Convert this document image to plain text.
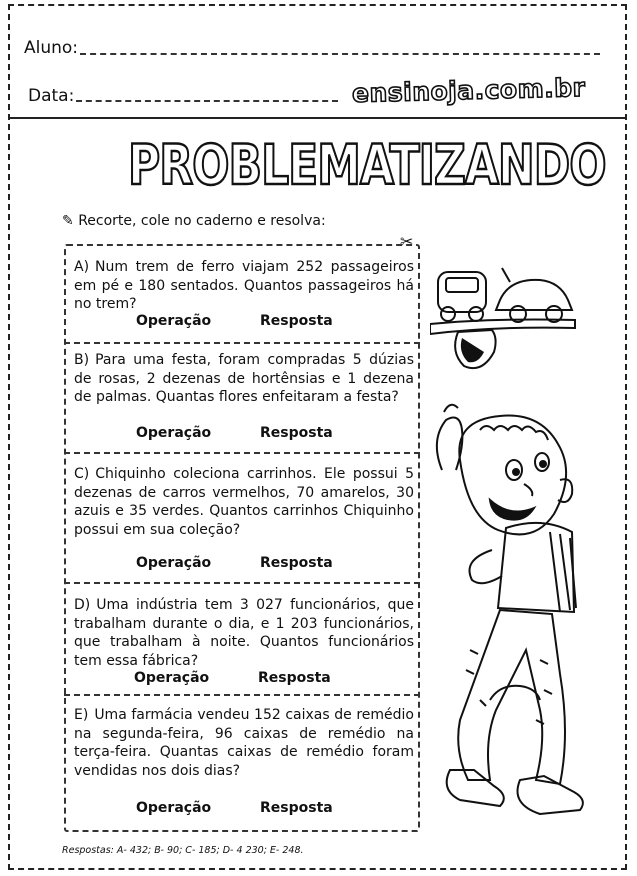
Aluno:
Data:	ensinoja.com.br
PROBLEMATIZANDO
✎ Recorte, cole no caderno e resolva:
✂
A) Num trem de ferro viajam 252 passageiros em pé e 180 sentados. Quantos passageiros há no trem?
Operação	Resposta
B) Para uma festa, foram compradas 5 dúzias de rosas, 2 dezenas de hortênsias e 1 dezena de palmas. Quantas flores enfeitaram a festa?
Operação	Resposta
C) Chiquinho coleciona carrinhos. Ele possui 5 dezenas de carros vermelhos, 70 amarelos, 30 azuis e 35 verdes. Quantos carrinhos Chiquinho possui em sua coleção?
Operação	Resposta
D) Uma indústria tem 3 027 funcionários, que trabalham durante o dia, e 1 203 funcionários, que trabalham à noite. Quantos funcionários tem essa fábrica?
Operação	Resposta
E) Uma farmácia vendeu 152 caixas de remédio na segunda-feira, 96 caixas de remédio na terça-feira. Quantas caixas de remédio foram vendidas nos dois dias?
Operação	Resposta
Respostas: A- 432; B- 90; C- 185; D- 4 230; E- 248.
